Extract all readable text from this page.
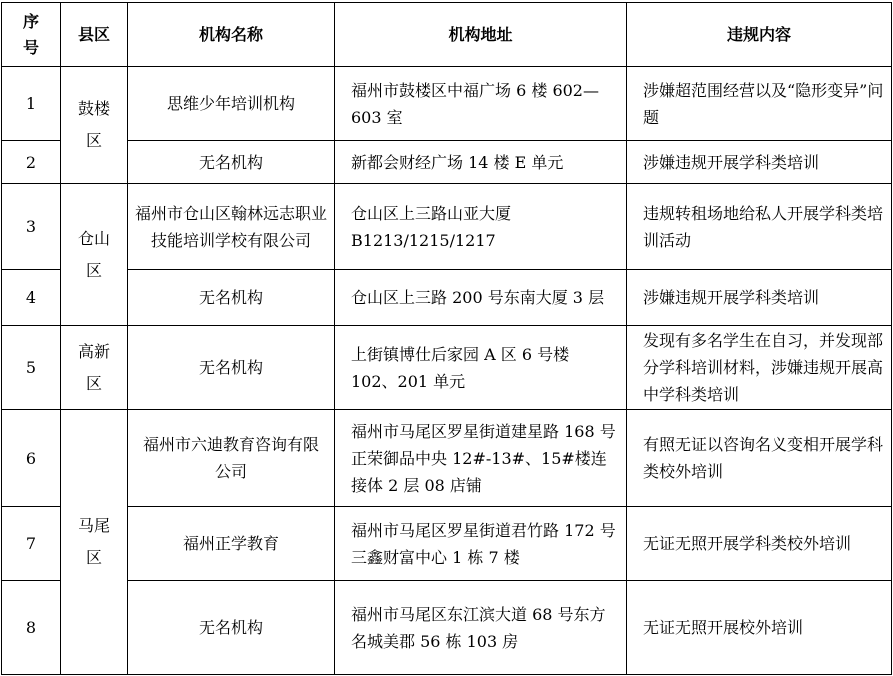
序号	县区	机构名称	机构地址	违规内容
1	鼓楼区	思维少年培训机构	福州市鼓楼区中福广场 6 楼 602—603 室	涉嫌超范围经营以及“隐形变异”问题
2		无名机构	新都会财经广场 14 楼 E 单元	涉嫌违规开展学科类培训
3	仓山区	福州市仓山区翰林远志职业技能培训学校有限公司	仓山区上三路山亚大厦 B1213/1215/1217	违规转租场地给私人开展学科类培训活动
4		无名机构	仓山区上三路 200 号东南大厦 3 层	涉嫌违规开展学科类培训
5	高新区	无名机构	上街镇博仕后家园 A 区 6 号楼 102、201 单元	发现有多名学生在自习，并发现部分学科培训材料，涉嫌违规开展高中学科类培训
6	马尾区	福州市六迪教育咨询有限公司	福州市马尾区罗星街道建星路 168 号正荣御品中央 12#-13#、15#楼连接体 2 层 08 店铺	有照无证以咨询名义变相开展学科类校外培训
7		福州正学教育	福州市马尾区罗星街道君竹路 172 号三鑫财富中心 1 栋 7 楼	无证无照开展学科类校外培训
8		无名机构	福州市马尾区东江滨大道 68 号东方名城美郡 56 栋 103 房	无证无照开展校外培训
